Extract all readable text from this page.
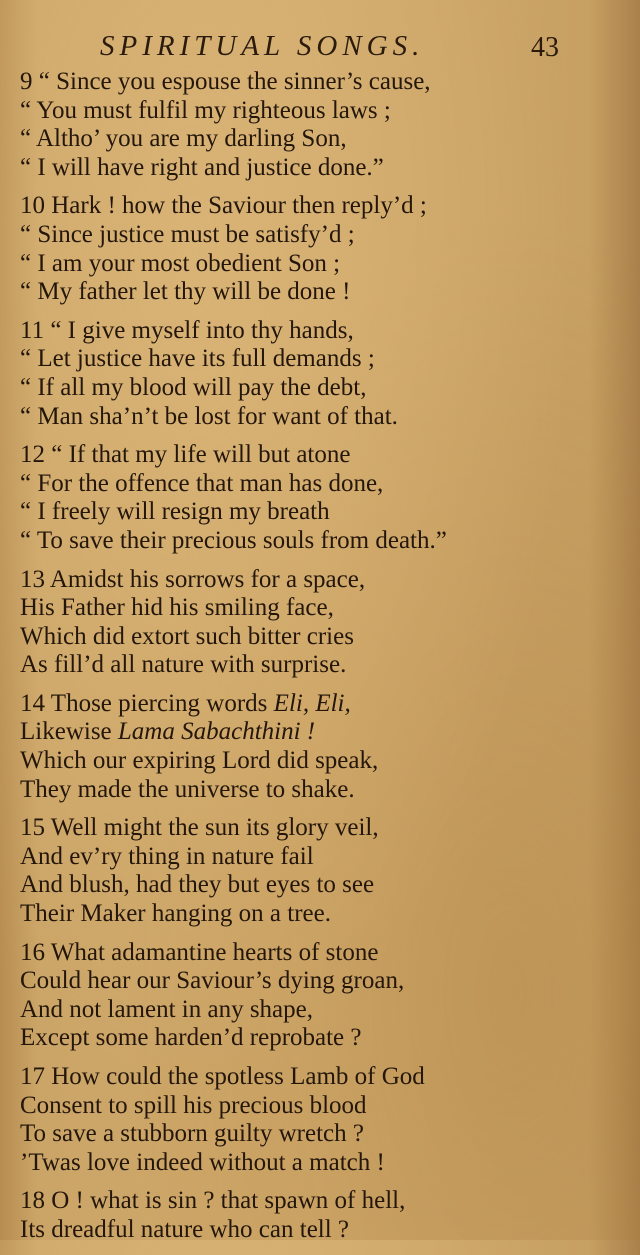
SPIRITUAL SONGS.	43
9 “ Since you espouse the sinner’s cause,
“ You must fulfil my righteous laws ;
“ Altho’ you are my darling Son,
“ I will have right and justice done.”
10 Hark ! how the Saviour then reply’d ;
“ Since justice must be satisfy’d ;
“ I am your most obedient Son ;
“ My father let thy will be done !
11 “ I give myself into thy hands,
“ Let justice have its full demands ;
“ If all my blood will pay the debt,
“ Man sha’n’t be lost for want of that.
12 “ If that my life will but atone
“ For the offence that man has done,
“ I freely will resign my breath
“ To save their precious souls from death.”
13 Amidst his sorrows for a space,
His Father hid his smiling face,
Which did extort such bitter cries
As fill’d all nature with surprise.
14 Those piercing words Eli, Eli,
Likewise Lama Sabachthini !
Which our expiring Lord did speak,
They made the universe to shake.
15 Well might the sun its glory veil,
And ev’ry thing in nature fail
And blush, had they but eyes to see
Their Maker hanging on a tree.
16 What adamantine hearts of stone
Could hear our Saviour’s dying groan,
And not lament in any shape,
Except some harden’d reprobate ?
17 How could the spotless Lamb of God
Consent to spill his precious blood
To save a stubborn guilty wretch ?
’Twas love indeed without a match !
18 O ! what is sin ? that spawn of hell,
Its dreadful nature who can tell ?
